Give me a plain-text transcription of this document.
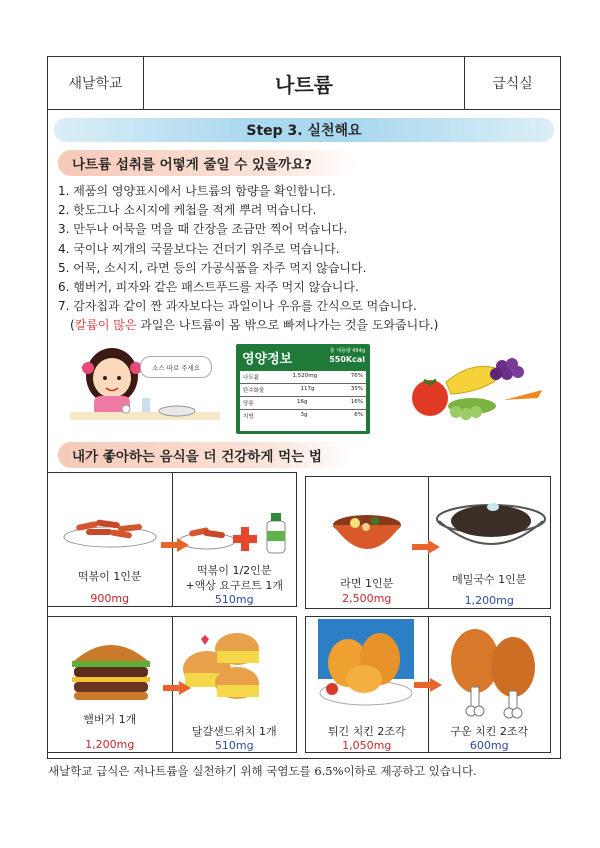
새날학교	나트륨	급식실
Step 3. 실천해요
나트륨 섭취를 어떻게 줄일 수 있을까요?
1. 제품의 영양표시에서 나트륨의 함량을 확인합니다.
2. 핫도그나 소시지에 케첩을 적게 뿌려 먹습니다.
3. 만두나 어묵을 먹을 때 간장을 조금만 찍어 먹습니다.
4. 국이나 찌개의 국물보다는 건더기 위주로 먹습니다.
5. 어묵, 소시지, 라면 등의 가공식품을 자주 먹지 않습니다.
6. 햄버거, 피자와 같은 패스트푸드를 자주 먹지 않습니다.
7. 감자칩과 같이 짠 과자보다는 과일이나 우유를 간식으로 먹습니다.
(칼륨이 많은 과일은 나트륨이 몸 밖으로 빠져나가는 것을 도와줍니다.)
소스 따로 주세요
영양정보
총 내용량 454g
550Kcal
나트륨	1,520mg	76%
탄수화물	117g	35%
당류	16g	16%
지방	3g	6%
내가 좋아하는 음식을 더 건강하게 먹는 법
떡볶이 1인분
900mg
떡볶이 1/2인분
+액상 요구르트 1개
510mg
라면 1인분
2,500mg
메밀국수 1인분
1,200mg
햄버거 1개
1,200mg
달걀샌드위치 1개
510mg
튀긴 치킨 2조각
1,050mg
구운 치킨 2조각
600mg
새날학교 급식은 저나트륨을 실천하기 위해 국염도를 6.5%이하로 제공하고 있습니다.
